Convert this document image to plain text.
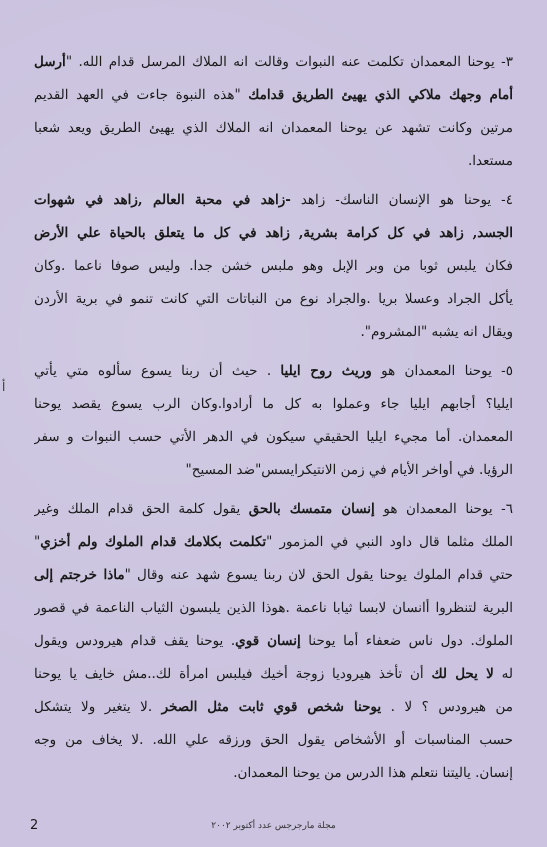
٣- يوحنا المعمدان تكلمت عنه النبوات وقالت انه الملاك المرسل قدام الله. "أرسل
أمام وجهك ملاكي الذي يهيئ الطريق قدامك "هذه النبوة جاءت في العهد القديم
مرتين وكانت تشهد عن يوحنا المعمدان انه الملاك الذي يهيئ الطريق ويعد شعبا
مستعدا.
٤- يوحنا هو الإنسان الناسك- زاهد -زاهد في محبة العالم ,زاهد في شهوات
الجسد, زاهد في كل كرامة بشرية, زاهد في كل ما يتعلق بالحياة علي الأرض
فكان يلبس ثوبا من وبر الإبل وهو ملبس خشن جدا. وليس صوفا ناعما .وكان
يأكل الجراد وعسلا بريا .والجراد نوع من النباتات التي كانت تنمو في برية الأردن
ويقال انه يشبه "المشروم".
٥- يوحنا المعمدان هو وريث روح ايليا . حيث أن ربنا يسوع سألوه متي يأتي
ايليا؟ أجابهم ايليا جاء وعملوا به كل ما أرادوا.وكان الرب يسوع يقصد يوحنا
المعمدان. أما مجيء ايليا الحقيقي سيكون في الدهر الأتي حسب النبوات و سفر
الرؤيا. في أواخر الأيام في زمن الانتيكرايسس"ضد المسيح"
٦- يوحنا المعمدان هو إنسان متمسك بالحق يقول كلمة الحق قدام الملك وغير
الملك مثلما قال داود النبي في المزمور "تكلمت بكلامك قدام الملوك ولم أخزي"
حتي قدام الملوك يوحنا يقول الحق لان ربنا يسوع شهد عنه وقال "ماذا خرجتم إلى
البرية لتنظروا أانسان لابسا ثيابا ناعمة .هوذا الذين يلبسون الثياب الناعمة في قصور
الملوك. دول ناس ضعفاء أما يوحنا إنسان قوي. يوحنا يقف قدام هيرودس ويقول
له لا يحل لك أن تأخذ هيروديا زوجة أخيك فيلبس امرأة لك..مش خايف يا يوحنا
من هيرودس ؟ لا . يوحنا شخص قوي ثابت مثل الصخر .لا يتغير ولا يتشكل
حسب المناسبات أو الأشخاص يقول الحق ورزقه علي الله. .لا يخاف من وجه
إنسان. ياليتنا نتعلم هذا الدرس من يوحنا المعمدان.
أ
2	مجلة مارجرجس عدد أكتوبر ٢٠٠٢
